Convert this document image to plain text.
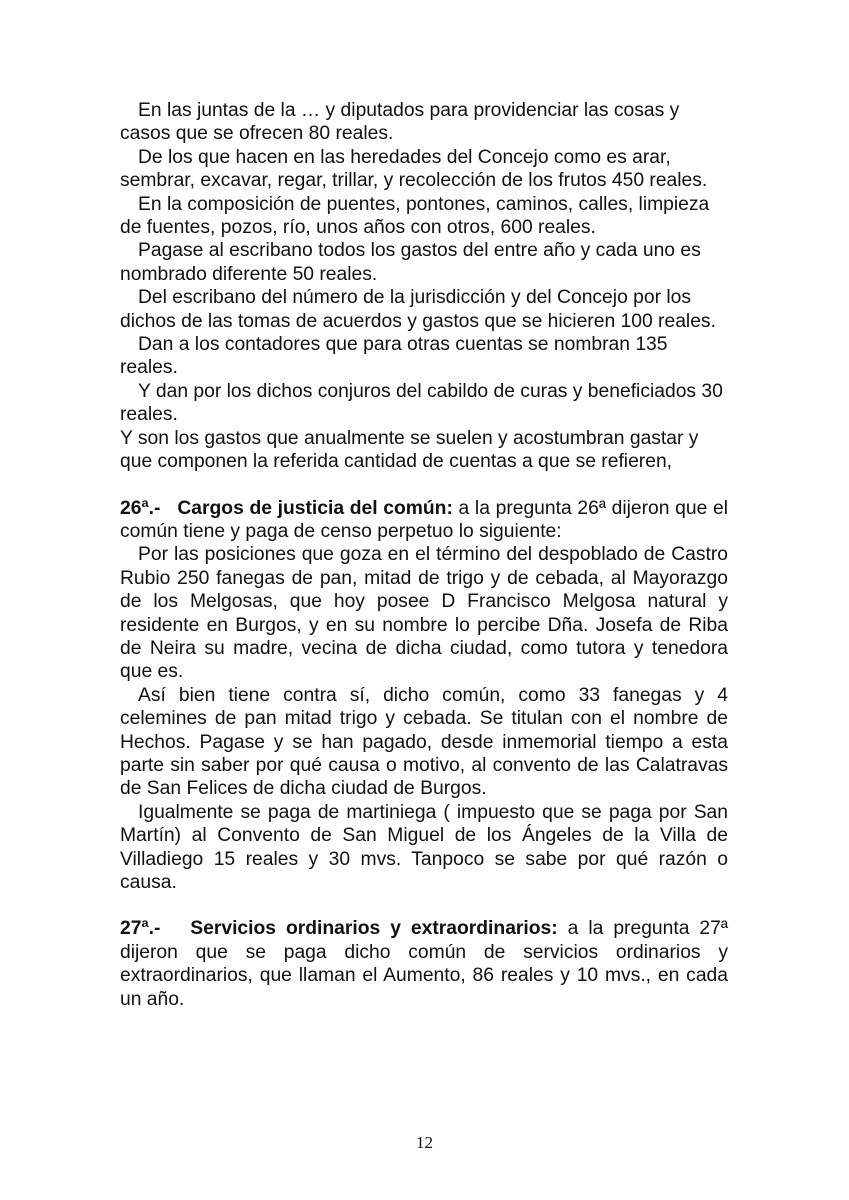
En las juntas de la … y diputados para providenciar las cosas y casos que se ofrecen 80 reales.

De los que hacen en las heredades del Concejo como es arar, sembrar, excavar, regar, trillar, y recolección de los frutos 450 reales.

En la composición de puentes, pontones, caminos, calles, limpieza de fuentes, pozos, río, unos años con otros, 600 reales.

Pagase al escribano todos los gastos del entre año y cada uno es nombrado diferente 50 reales.

Del escribano del número de la jurisdicción y del Concejo por los dichos de las tomas de acuerdos y gastos que se hicieren 100 reales.

Dan a los contadores que para otras cuentas se nombran 135 reales.

Y dan por los dichos conjuros del cabildo de curas y beneficiados 30 reales.

Y son los gastos que anualmente se suelen y acostumbran gastar y que componen la referida cantidad de cuentas a que se refieren,

26ª.- Cargos de justicia del común: a la pregunta 26ª dijeron que el común tiene y paga de censo perpetuo lo siguiente:

Por las posiciones que goza en el término del despoblado de Castro Rubio 250 fanegas de pan, mitad de trigo y de cebada, al Mayorazgo de los Melgosas, que hoy posee D Francisco Melgosa natural y residente en Burgos, y en su nombre lo percibe Dña. Josefa de Riba de Neira su madre, vecina de dicha ciudad, como tutora y tenedora que es.

Así bien tiene contra sí, dicho común, como 33 fanegas y 4 celemines de pan mitad trigo y cebada. Se titulan con el nombre de Hechos. Pagase y se han pagado, desde inmemorial tiempo a esta parte sin saber por qué causa o motivo, al convento de las Calatravas de San Felices de dicha ciudad de Burgos.

Igualmente se paga de martiniega ( impuesto que se paga por San Martín) al Convento de San Miguel de los Ángeles de la Villa de Villadiego 15 reales y 30 mvs. Tanpoco se sabe por qué razón o causa.

27ª.- Servicios ordinarios y extraordinarios: a la pregunta 27ª dijeron que se paga dicho común de servicios ordinarios y extraordinarios, que llaman el Aumento, 86 reales y 10 mvs., en cada un año.

12
